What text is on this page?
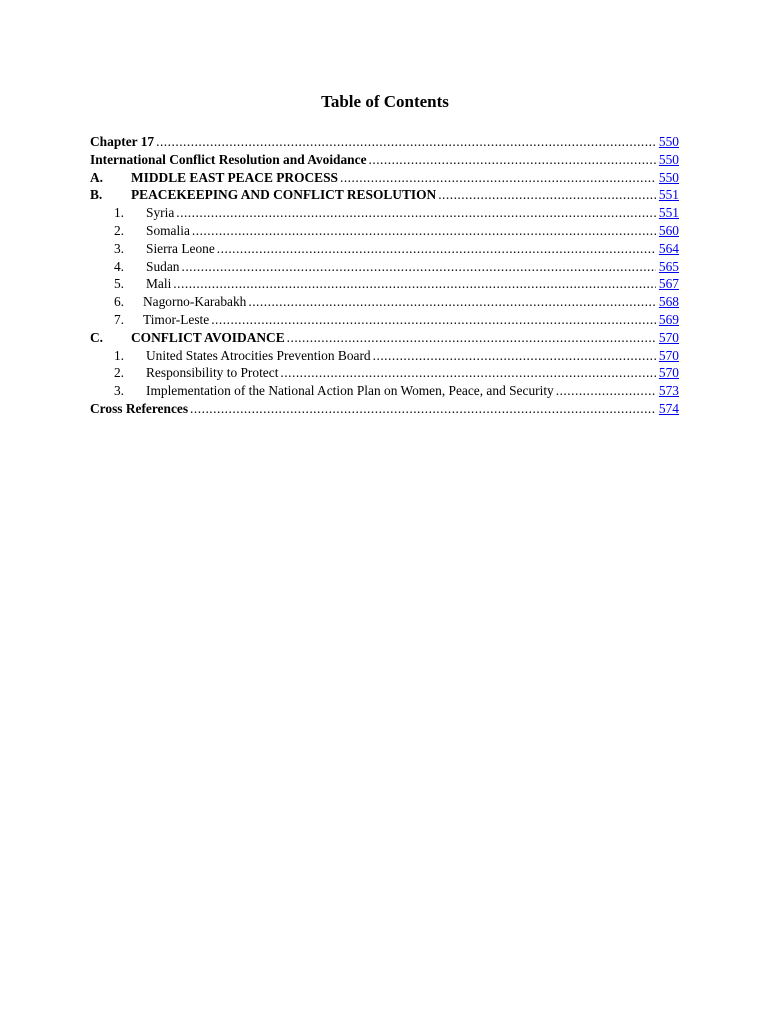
Table of Contents
Chapter 17 .....	550
International Conflict Resolution and Avoidance .....	550
A.	MIDDLE EAST PEACE PROCESS .....	550
B.	PEACEKEEPING AND CONFLICT RESOLUTION .....	551
1. Syria .....	551
2. Somalia .....	560
3. Sierra Leone .....	564
4. Sudan .....	565
5. Mali .....	567
6. Nagorno-Karabakh .....	568
7. Timor-Leste .....	569
C.	CONFLICT AVOIDANCE .....	570
1. United States Atrocities Prevention Board .....	570
2. Responsibility to Protect .....	570
3. Implementation of the National Action Plan on Women, Peace, and Security .....	573
Cross References .....	574
